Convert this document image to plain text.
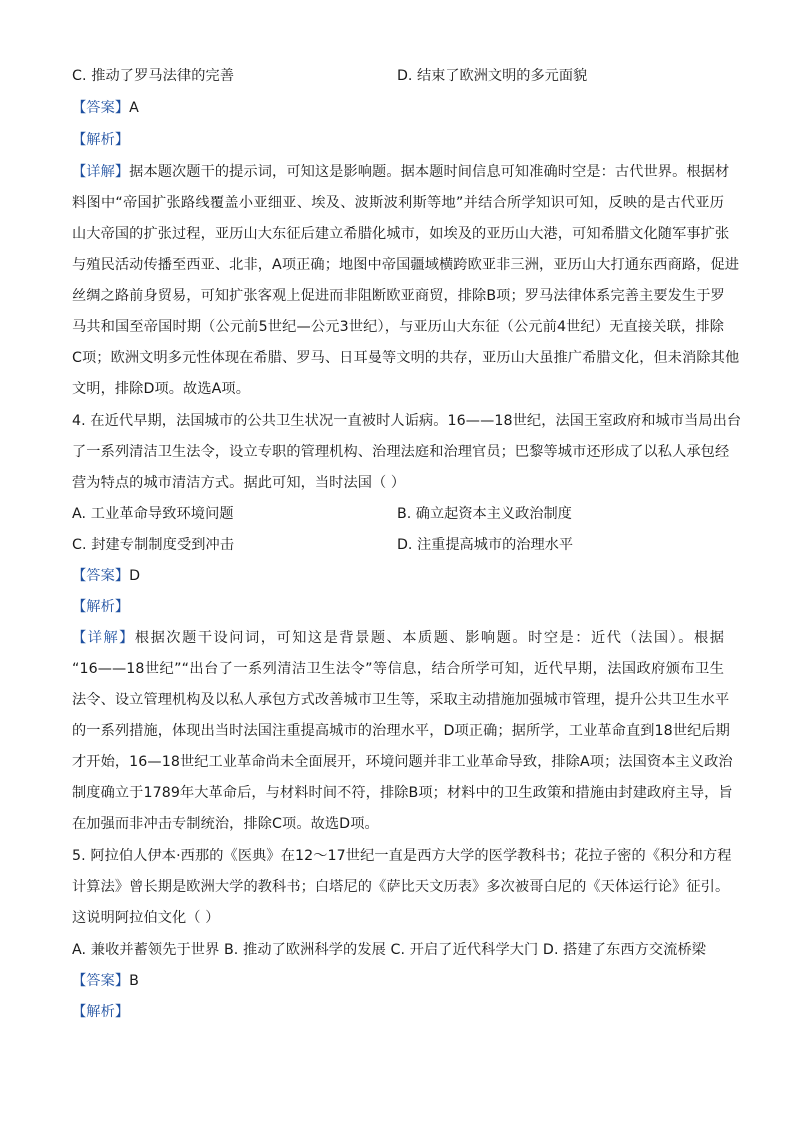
C. 推动了罗马法律的完善	D. 结束了欧洲文明的多元面貌
【答案】A
【解析】
【详解】据本题次题干的提示词，可知这是影响题。据本题时间信息可知准确时空是：古代世界。根据材
料图中“帝国扩张路线覆盖小亚细亚、埃及、波斯波利斯等地”并结合所学知识可知，反映的是古代亚历
山大帝国的扩张过程，亚历山大东征后建立希腊化城市，如埃及的亚历山大港，可知希腊文化随军事扩张
与殖民活动传播至西亚、北非，A项正确；地图中帝国疆域横跨欧亚非三洲，亚历山大打通东西商路，促进
丝绸之路前身贸易，可知扩张客观上促进而非阻断欧亚商贸，排除B项；罗马法律体系完善主要发生于罗
马共和国至帝国时期（公元前5世纪—公元3世纪），与亚历山大东征（公元前4世纪）无直接关联，排除
C项；欧洲文明多元性体现在希腊、罗马、日耳曼等文明的共存，亚历山大虽推广希腊文化，但未消除其他
文明，排除D项。故选A项。
4. 在近代早期，法国城市的公共卫生状况一直被时人诟病。16——18世纪，法国王室政府和城市当局出台
了一系列清洁卫生法令，设立专职的管理机构、治理法庭和治理官员；巴黎等城市还形成了以私人承包经
营为特点的城市清洁方式。据此可知，当时法国（ ）
A. 工业革命导致环境问题	B. 确立起资本主义政治制度
C. 封建专制制度受到冲击	D. 注重提高城市的治理水平
【答案】D
【解析】
【详解】根据次题干设问词，可知这是背景题、本质题、影响题。时空是：近代（法国）。根据
“16——18世纪”“出台了一系列清洁卫生法令”等信息，结合所学可知，近代早期，法国政府颁布卫生
法令、设立管理机构及以私人承包方式改善城市卫生等，采取主动措施加强城市管理，提升公共卫生水平
的一系列措施，体现出当时法国注重提高城市的治理水平，D项正确；据所学，工业革命直到18世纪后期
才开始，16—18世纪工业革命尚未全面展开，环境问题并非工业革命导致，排除A项；法国资本主义政治
制度确立于1789年大革命后，与材料时间不符，排除B项；材料中的卫生政策和措施由封建政府主导，旨
在加强而非冲击专制统治，排除C项。故选D项。
5. 阿拉伯人伊本·西那的《医典》在12～17世纪一直是西方大学的医学教科书；花拉子密的《积分和方程
计算法》曾长期是欧洲大学的教科书；白塔尼的《萨比天文历表》多次被哥白尼的《天体运行论》征引。
这说明阿拉伯文化（ ）
A. 兼收并蓄领先于世界 B. 推动了欧洲科学的发展 C. 开启了近代科学大门 D. 搭建了东西方交流桥梁
【答案】B
【解析】
